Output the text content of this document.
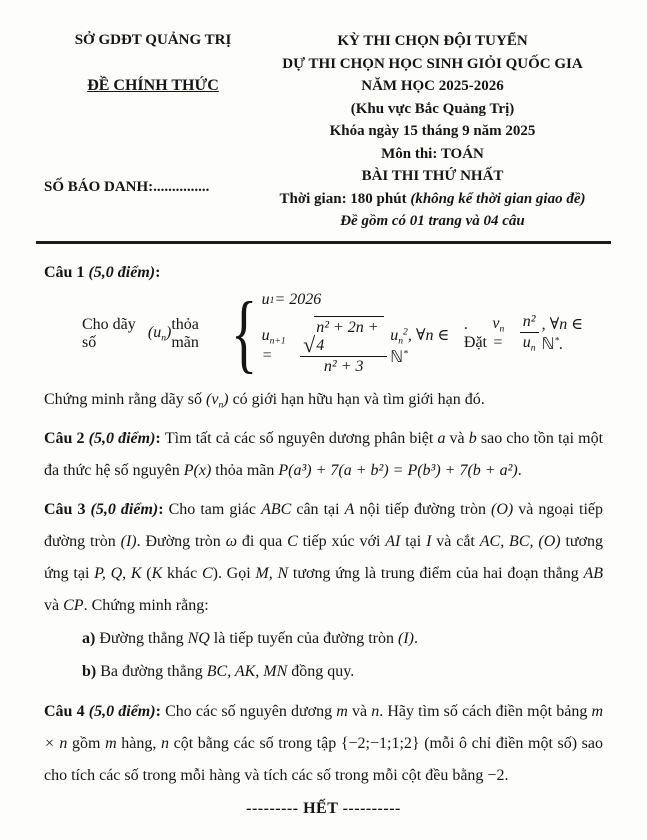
SỞ GDĐT QUẢNG TRỊ
ĐỀ CHÍNH THỨC
SỐ BÁO DANH:...............
KỲ THI CHỌN ĐỘI TUYỂN
DỰ THI CHỌN HỌC SINH GIỎI QUỐC GIA
NĂM HỌC 2025-2026
(Khu vực Bắc Quảng Trị)
Khóa ngày 15 tháng 9 năm 2025
Môn thi: TOÁN
BÀI THI THỨ NHẤT
Thời gian: 180 phút (không kể thời gian giao đề)
Đề gồm có 01 trang và 04 câu
Câu 1 (5,0 điểm):
Cho dãy số
$(u_n)$ thỏa mãn { u 1 = 2026
$u_{n+1}$ =	√
n² + 2n + 4
n² + 3 $u_n^2$, ∀n ∈ ℕ*
. Đặt
$v_n$ =	$\frac{\text{n²}}{u_n}$ , ∀n ∈ ℕ*.
Chứng minh rằng dãy số $(v_n)$ có giới hạn hữu hạn và tìm giới hạn đó.
Câu 2 (5,0 điểm): Tìm tất cả các số nguyên dương phân biệt a và b sao cho tồn tại một đa thức hệ số nguyên P(x) thỏa mãn P(a³) + 7(a + b²) = P(b³) + 7(b + a²).
Câu 3 (5,0 điểm): Cho tam giác ABC cân tại A nội tiếp đường tròn (O) và ngoại tiếp đường tròn (I). Đường tròn ω đi qua C tiếp xúc với AI tại I và cắt AC, BC, (O) tương ứng tại P, Q, K (K khác C). Gọi M, N tương ứng là trung điểm của hai đoạn thẳng AB và CP. Chứng minh rằng:
a) Đường thẳng NQ là tiếp tuyến của đường tròn (I).
b) Ba đường thẳng BC, AK, MN đồng quy.
Câu 4 (5,0 điểm): Cho các số nguyên dương m và n. Hãy tìm số cách điền một bảng m × n gồm m hàng, n cột bằng các số trong tập {−2;−1;1;2} (mỗi ô chỉ điền một số) sao cho tích các số trong mỗi hàng và tích các số trong mỗi cột đều bằng −2.
--------- HẾT ----------
